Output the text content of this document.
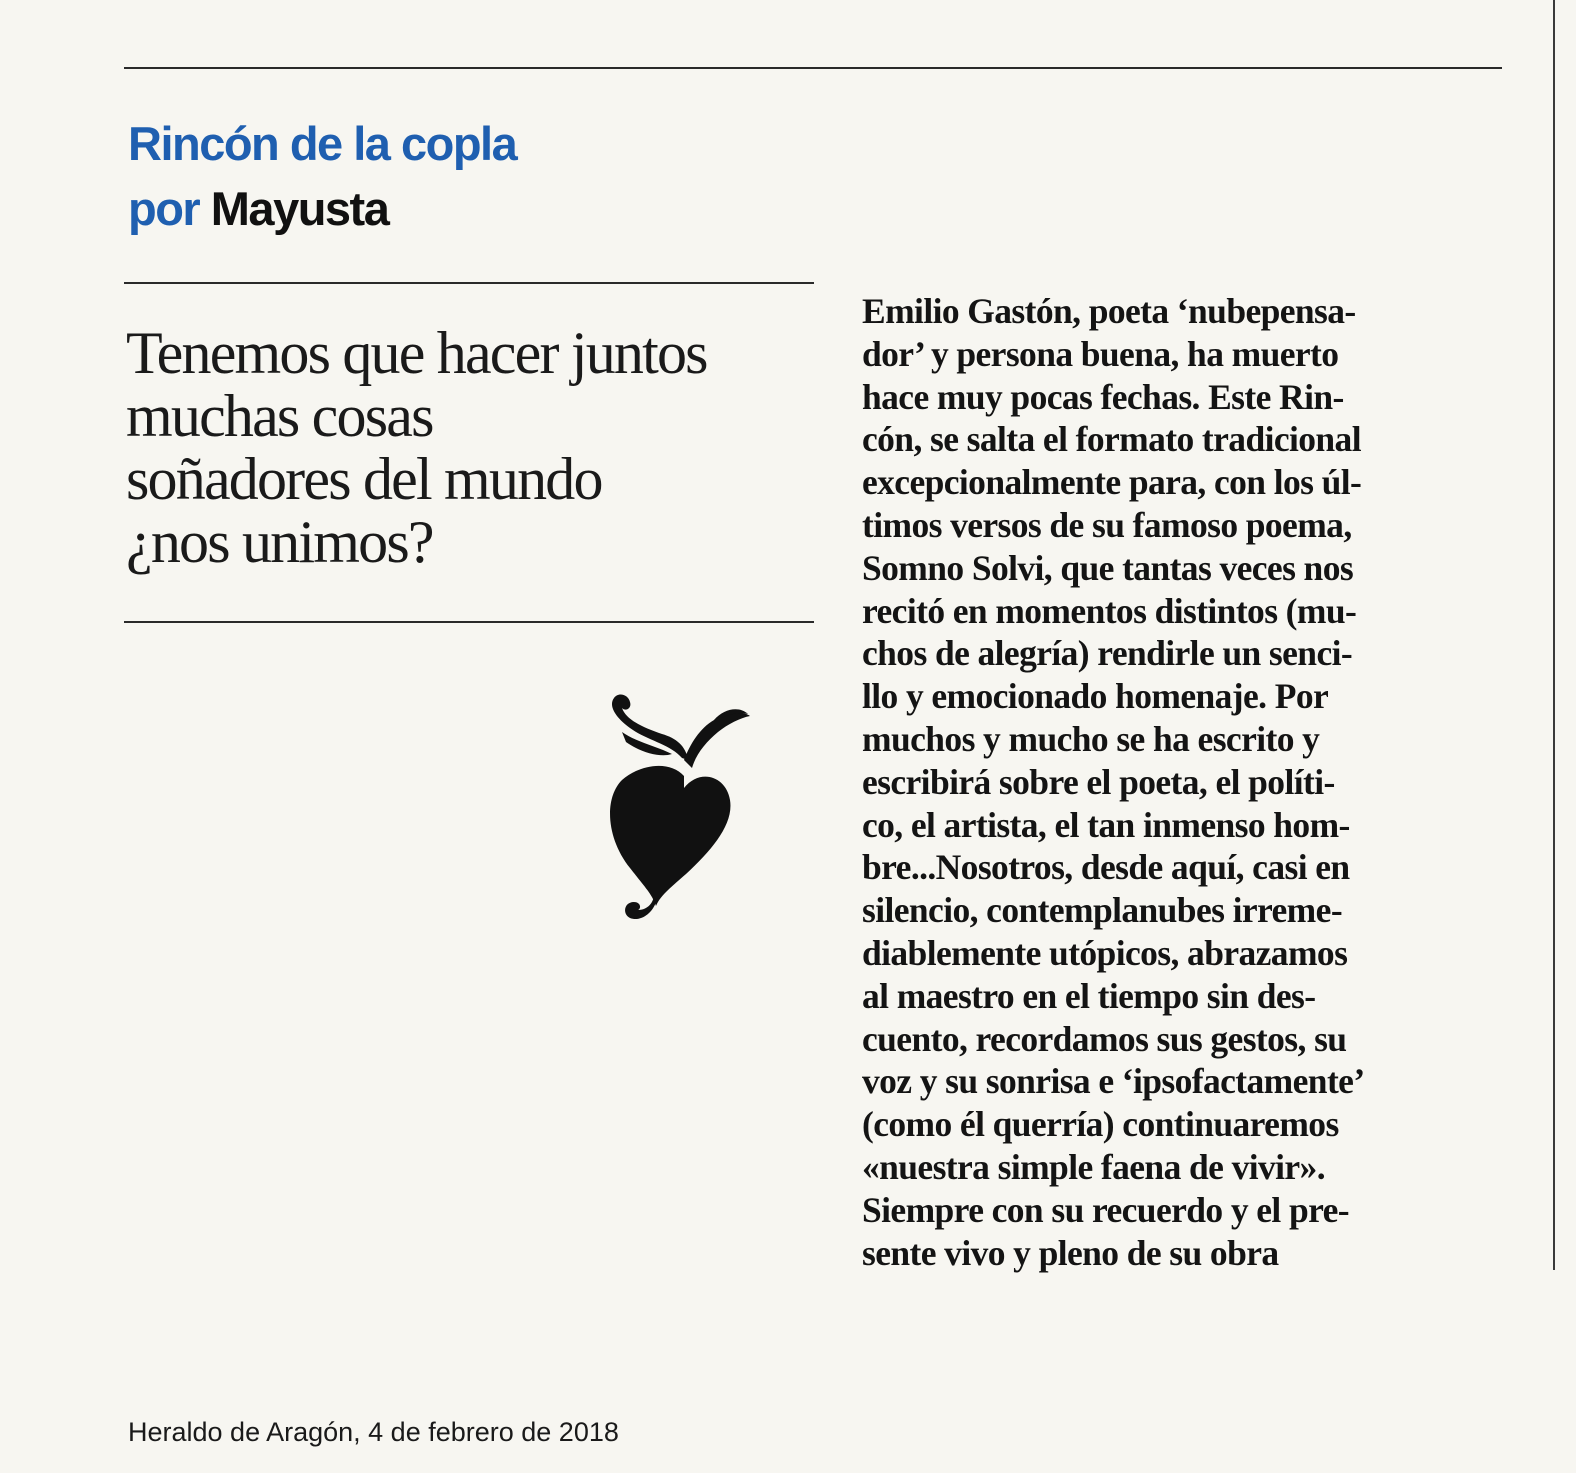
Rincón de la copla
por Mayusta
Tenemos que hacer juntos
muchas cosas
soñadores del mundo
¿nos unimos?
Emilio Gastón, poeta ‘nubepensa-
dor’ y persona buena, ha muerto
hace muy pocas fechas. Este Rin-
cón, se salta el formato tradicional
excepcionalmente para, con los úl-
timos versos de su famoso poema,
Somno Solvi, que tantas veces nos
recitó en momentos distintos (mu-
chos de alegría) rendirle un senci-
llo y emocionado homenaje. Por
muchos y mucho se ha escrito y
escribirá sobre el poeta, el políti-
co, el artista, el tan inmenso hom-
bre...Nosotros, desde aquí, casi en
silencio, contemplanubes irreme-
diablemente utópicos, abrazamos
al maestro en el tiempo sin des-
cuento, recordamos sus gestos, su
voz y su sonrisa e ‘ipsofactamente’
(como él querría) continuaremos
«nuestra simple faena de vivir».
Siempre con su recuerdo y el pre-
sente vivo y pleno de su obra
Heraldo de Aragón, 4 de febrero de 2018
